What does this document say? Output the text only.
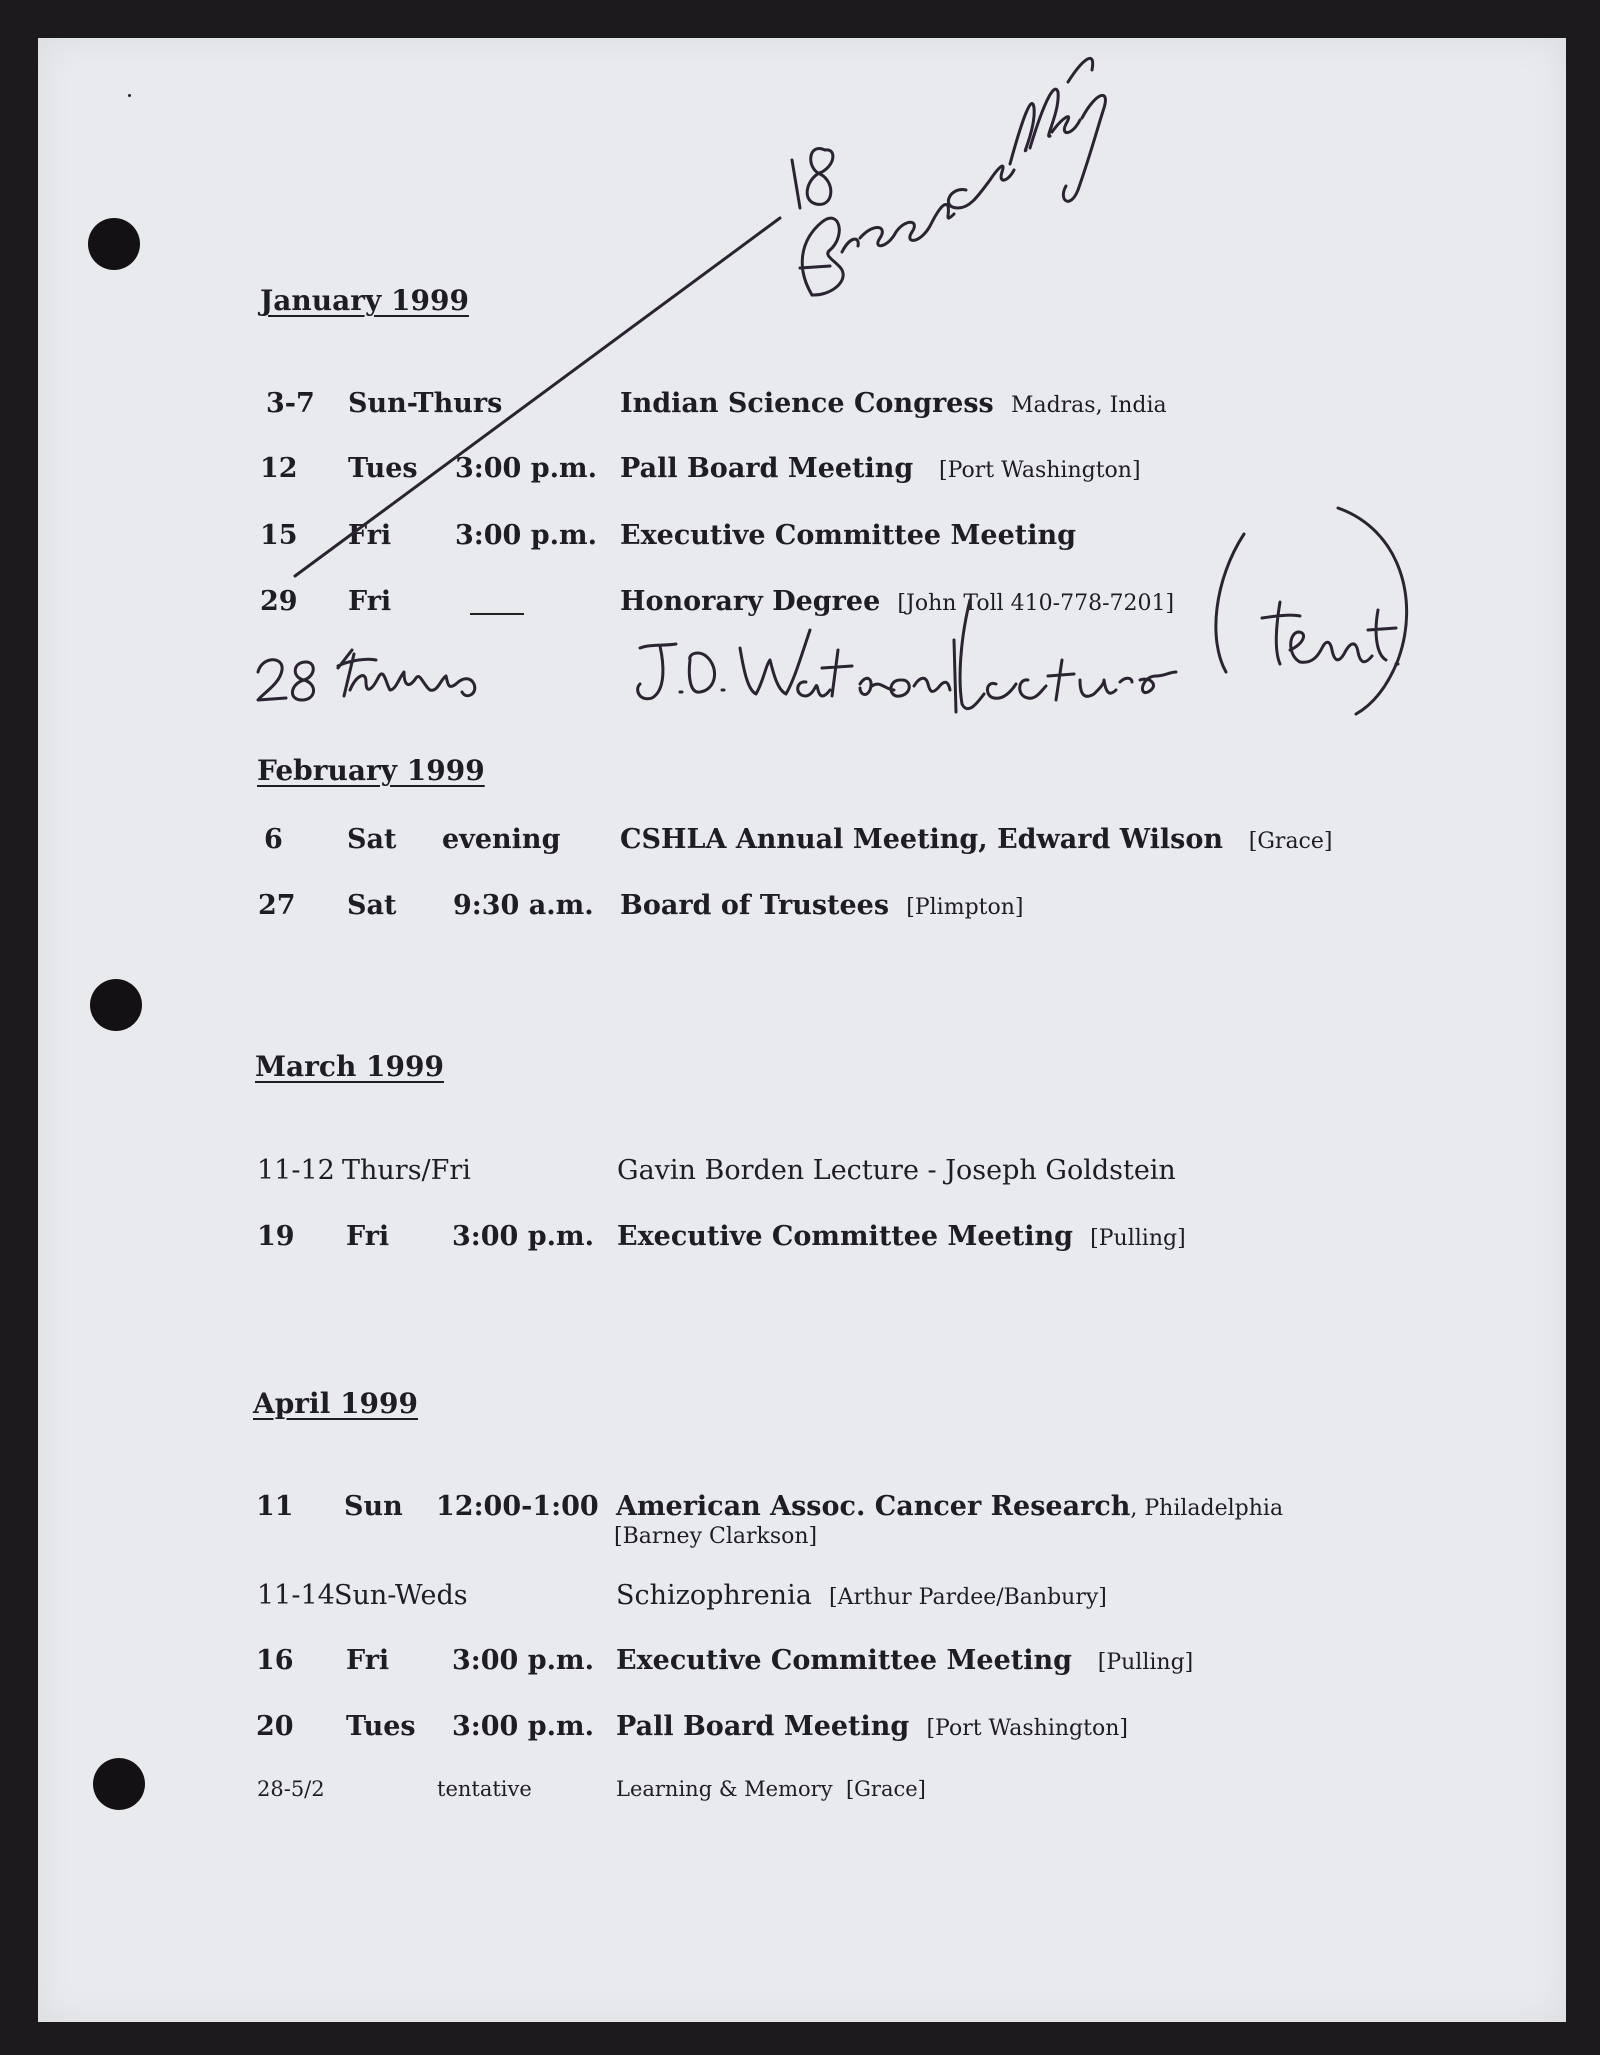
January 1999
3-7 Sun-Thurs	Indian Science Congress Madras, India
12 Tues 3:00 p.m. Pall Board Meeting [Port Washington]
15 Fri 3:00 p.m. Executive Committee Meeting
29 Fri	Honorary Degree [John Toll 410-778-7201]
February 1999
6 Sat evening CSHLA Annual Meeting, Edward Wilson [Grace]
27 Sat 9:30 a.m. Board of Trustees [Plimpton]
March 1999
11-12 Thurs/Fri	Gavin Borden Lecture - Joseph Goldstein
19 Fri 3:00 p.m. Executive Committee Meeting [Pulling]
April 1999
11 Sun 12:00-1:00 American Assoc. Cancer Research, Philadelphia
[Barney Clarkson]
11-14 Sun-Weds	Schizophrenia [Arthur Pardee/Banbury]
16 Fri 3:00 p.m. Executive Committee Meeting [Pulling]
20 Tues 3:00 p.m. Pall Board Meeting [Port Washington]
28-5/2	tentative	Learning & Memory [Grace]
